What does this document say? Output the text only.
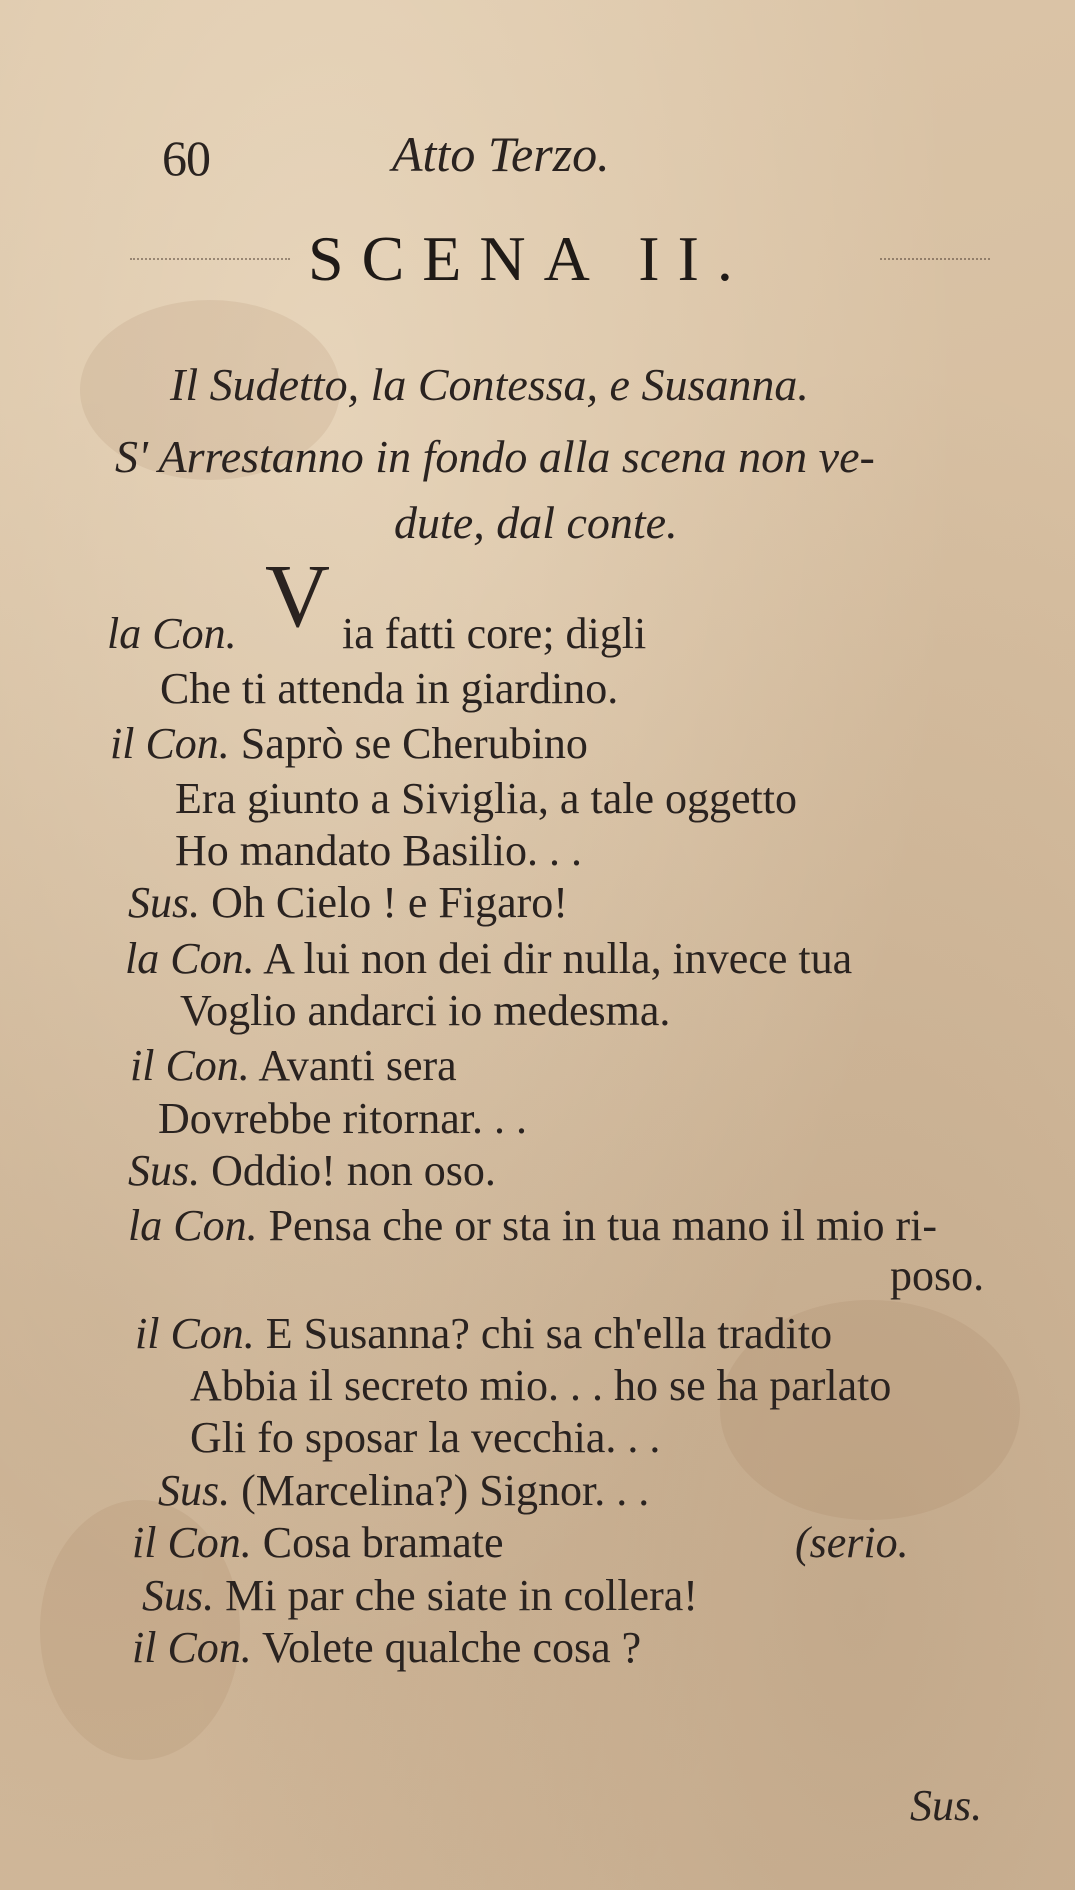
60	Atto Terzo.
SCENA II.
Il Sudetto, la Contessa, e Susanna.
S' Arrestanno in fondo alla scena non ve-
dute, dal conte.
V
la Con. ia fatti core; digli
Che ti attenda in giardino.
il Con. Saprò se Cherubino
Era giunto a Siviglia, a tale oggetto
Ho mandato Basilio. . .
Sus. Oh Cielo ! e Figaro!
la Con. A lui non dei dir nulla, invece tua
Voglio andarci io medesma.
il Con. Avanti sera
Dovrebbe ritornar. . .
Sus. Oddio! non oso.
la Con. Pensa che or sta in tua mano il mio ri-
poso.
il Con. E Susanna? chi sa ch'ella tradito
Abbia il secreto mio. . . ho se ha parlato
Gli fo sposar la vecchia. . .
Sus. (Marcelina?) Signor. . .
il Con. Cosa bramate	(serio.
Sus. Mi par che siate in collera!
il Con. Volete qualche cosa ?
Sus.
